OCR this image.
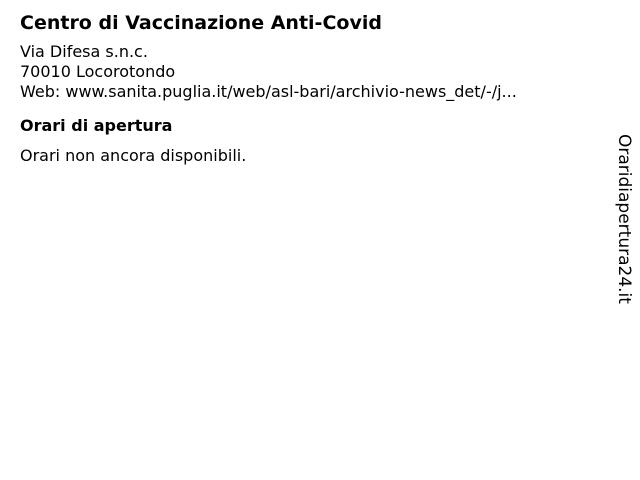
Centro di Vaccinazione Anti-Covid
Via Difesa s.n.c.
70010 Locorotondo
Web: www.sanita.puglia.it/web/asl-bari/archivio-news_det/-/j...
Orari di apertura
Orari non ancora disponibili.	Oraridiapertura24.it
